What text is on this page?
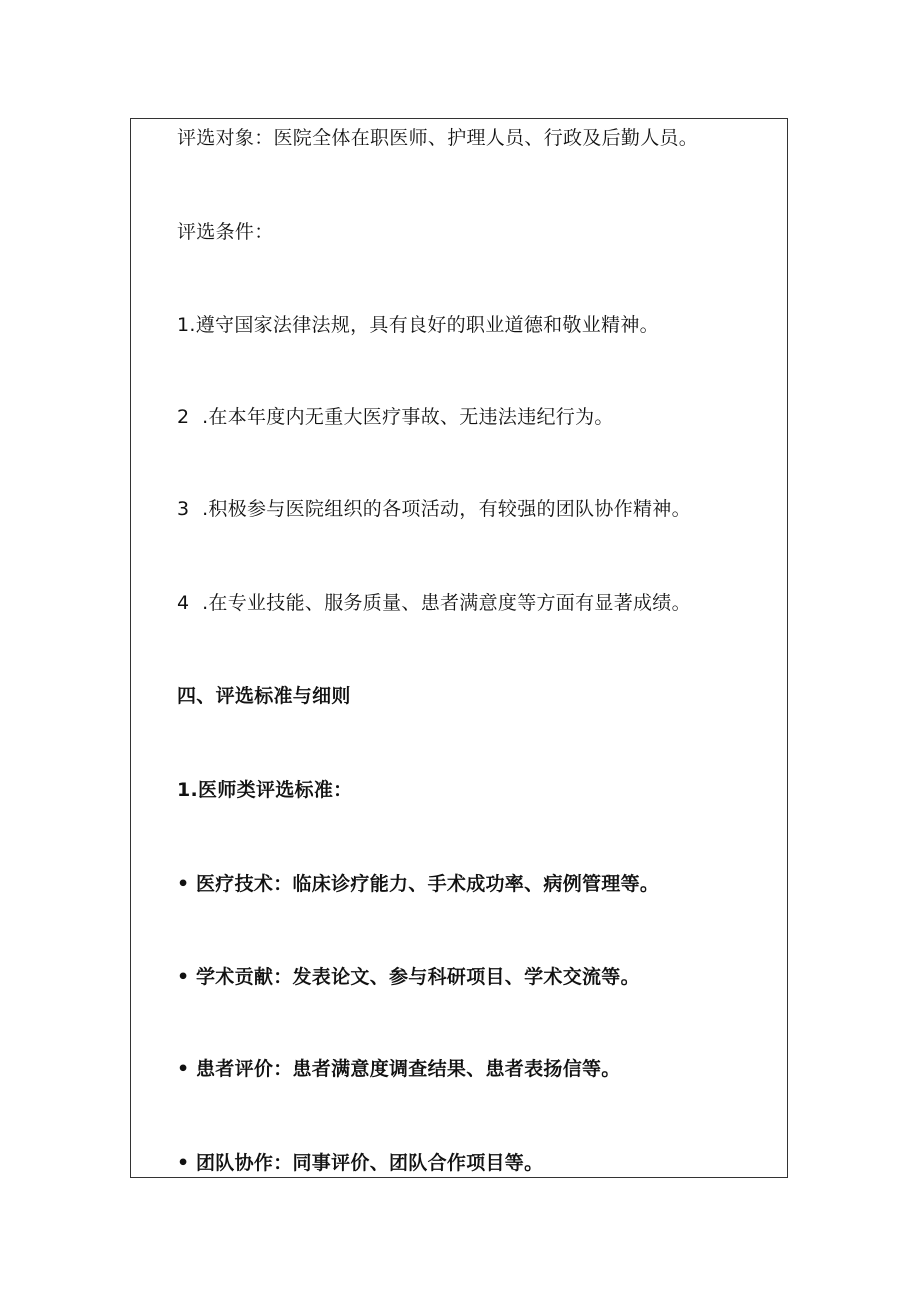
评选对象：医院全体在职医师、护理人员、行政及后勤人员。
评选条件：
1.遵守国家法律法规，具有良好的职业道德和敬业精神。
2  .在本年度内无重大医疗事故、无违法违纪行为。
3  .积极参与医院组织的各项活动，有较强的团队协作精神。
4  .在专业技能、服务质量、患者满意度等方面有显著成绩。
四、评选标准与细则
1.医师类评选标准：
• 医疗技术：临床诊疗能力、手术成功率、病例管理等。
• 学术贡献：发表论文、参与科研项目、学术交流等。
• 患者评价：患者满意度调查结果、患者表扬信等。
• 团队协作：同事评价、团队合作项目等。
